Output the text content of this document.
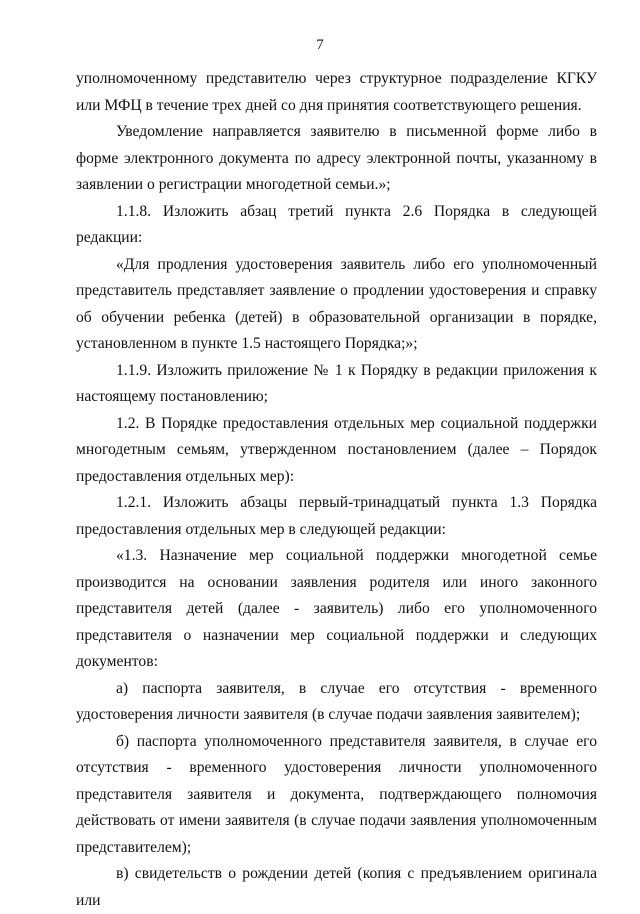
7

уполномоченному представителю через структурное подразделение КГКУ или МФЦ в течение трех дней со дня принятия соответствующего решения.

Уведомление направляется заявителю в письменной форме либо в форме электронного документа по адресу электронной почты, указанному в заявлении о регистрации многодетной семьи.»;

1.1.8. Изложить абзац третий пункта 2.6 Порядка в следующей редакции:

«Для продления удостоверения заявитель либо его уполномоченный представитель представляет заявление о продлении удостоверения и справку об обучении ребенка (детей) в образовательной организации в порядке, установленном в пункте 1.5 настоящего Порядка;»;

1.1.9. Изложить приложение № 1 к Порядку в редакции приложения к настоящему постановлению;

1.2. В Порядке предоставления отдельных мер социальной поддержки многодетным семьям, утвержденном постановлением (далее – Порядок предоставления отдельных мер):

1.2.1. Изложить абзацы первый-тринадцатый пункта 1.3 Порядка предоставления отдельных мер в следующей редакции:

«1.3. Назначение мер социальной поддержки многодетной семье производится на основании заявления родителя или иного законного представителя детей (далее - заявитель) либо его уполномоченного представителя о назначении мер социальной поддержки и следующих документов:

а) паспорта заявителя, в случае его отсутствия - временного удостоверения личности заявителя (в случае подачи заявления заявителем);

б) паспорта уполномоченного представителя заявителя, в случае его отсутствия - временного удостоверения личности уполномоченного представителя заявителя и документа, подтверждающего полномочия действовать от имени заявителя (в случае подачи заявления уполномоченным представителем);

в) свидетельств о рождении детей (копия с предъявлением оригинала или
